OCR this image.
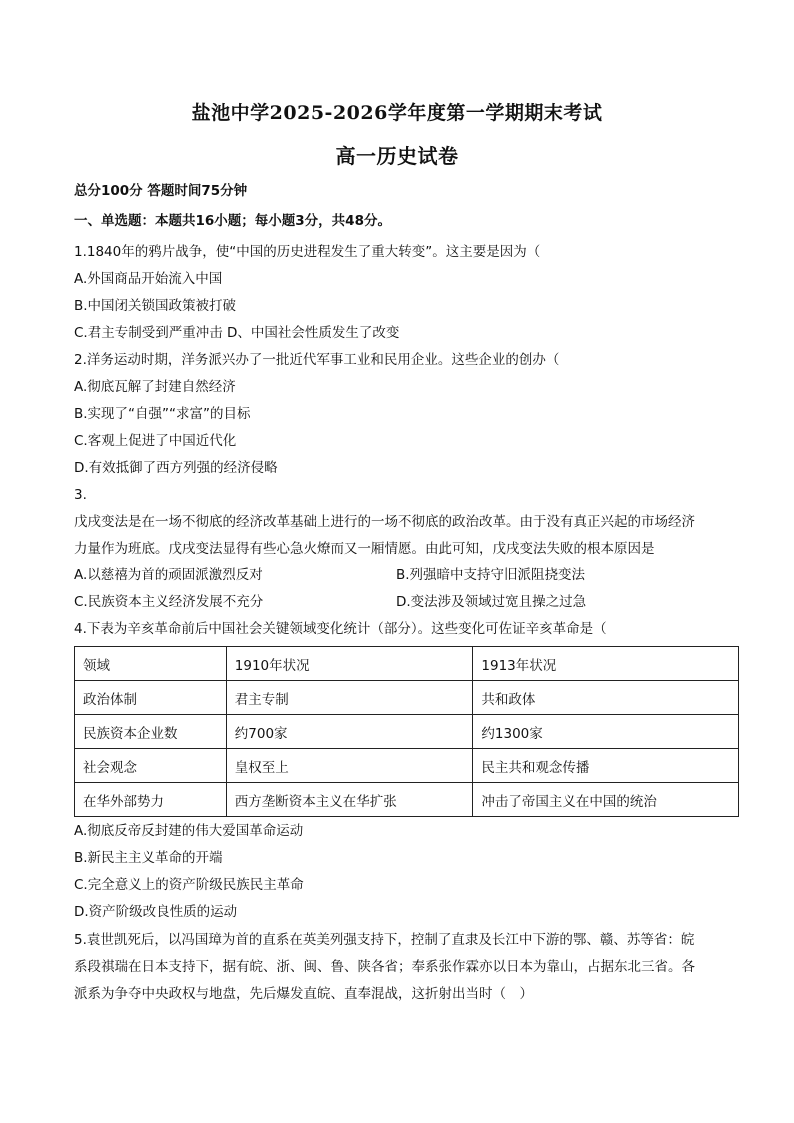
盐池中学2025-2026学年度第一学期期末考试
高一历史试卷
总分100分 答题时间75分钟
一、单选题：本题共16小题；每小题3分，共48分。
1.1840年的鸦片战争，使“中国的历史进程发生了重大转变”。这主要是因为（
A.外国商品开始流入中国
B.中国闭关锁国政策被打破
C.君主专制受到严重冲击 D、中国社会性质发生了改变
2.洋务运动时期，洋务派兴办了一批近代军事工业和民用企业。这些企业的创办（
A.彻底瓦解了封建自然经济
B.实现了“自强”“求富”的目标
C.客观上促进了中国近代化
D.有效抵御了西方列强的经济侵略
3.
戊戌变法是在一场不彻底的经济改革基础上进行的一场不彻底的政治改革。由于没有真正兴起的市场经济
力量作为班底。戊戌变法显得有些心急火燎而又一厢情愿。由此可知，戊戌变法失败的根本原因是
A.以慈禧为首的顽固派激烈反对	B.列强暗中支持守旧派阻挠变法
C.民族资本主义经济发展不充分	D.变法涉及领域过宽且操之过急
4.下表为辛亥革命前后中国社会关键领域变化统计（部分）。这些变化可佐证辛亥革命是（
领域	1910年状况	1913年状况
政治体制	君主专制	共和政体
民族资本企业数	约700家	约1300家
社会观念	皇权至上	民主共和观念传播
在华外部势力	西方垄断资本主义在华扩张	冲击了帝国主义在中国的统治
A.彻底反帝反封建的伟大爱国革命运动
B.新民主主义革命的开端
C.完全意义上的资产阶级民族民主革命
D.资产阶级改良性质的运动
5.袁世凯死后，以冯国璋为首的直系在英美列强支持下，控制了直隶及长江中下游的鄂、赣、苏等省：皖
系段祺瑞在日本支持下，据有皖、浙、闽、鲁、陕各省；奉系张作霖亦以日本为靠山，占据东北三省。各
派系为争夺中央政权与地盘，先后爆发直皖、直奉混战，这折射出当时（　）
